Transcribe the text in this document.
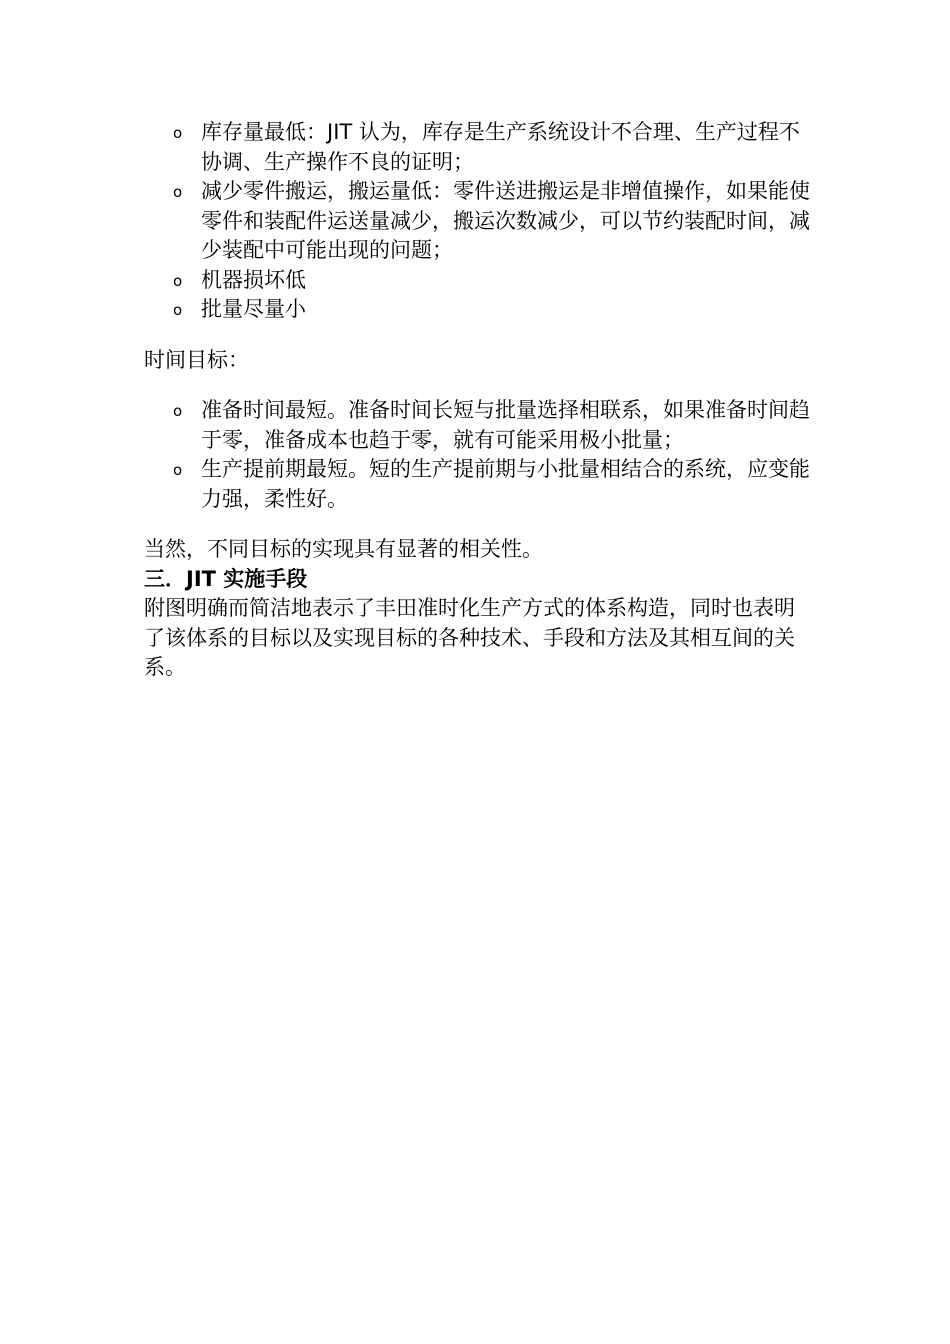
o 库存量最低：JIT 认为，库存是生产系统设计不合理、生产过程不协调、生产操作不良的证明；
o 减少零件搬运，搬运量低：零件送进搬运是非增值操作，如果能使零件和装配件运送量减少，搬运次数减少，可以节约装配时间，减少装配中可能出现的问题；
o 机器损坏低
o 批量尽量小

时间目标：

o 准备时间最短。准备时间长短与批量选择相联系，如果准备时间趋于零，准备成本也趋于零，就有可能采用极小批量；
o 生产提前期最短。短的生产提前期与小批量相结合的系统，应变能力强，柔性好。

当然，不同目标的实现具有显著的相关性。

三．JIT 实施手段

附图明确而简洁地表示了丰田准时化生产方式的体系构造，同时也表明了该体系的目标以及实现目标的各种技术、手段和方法及其相互间的关系。
